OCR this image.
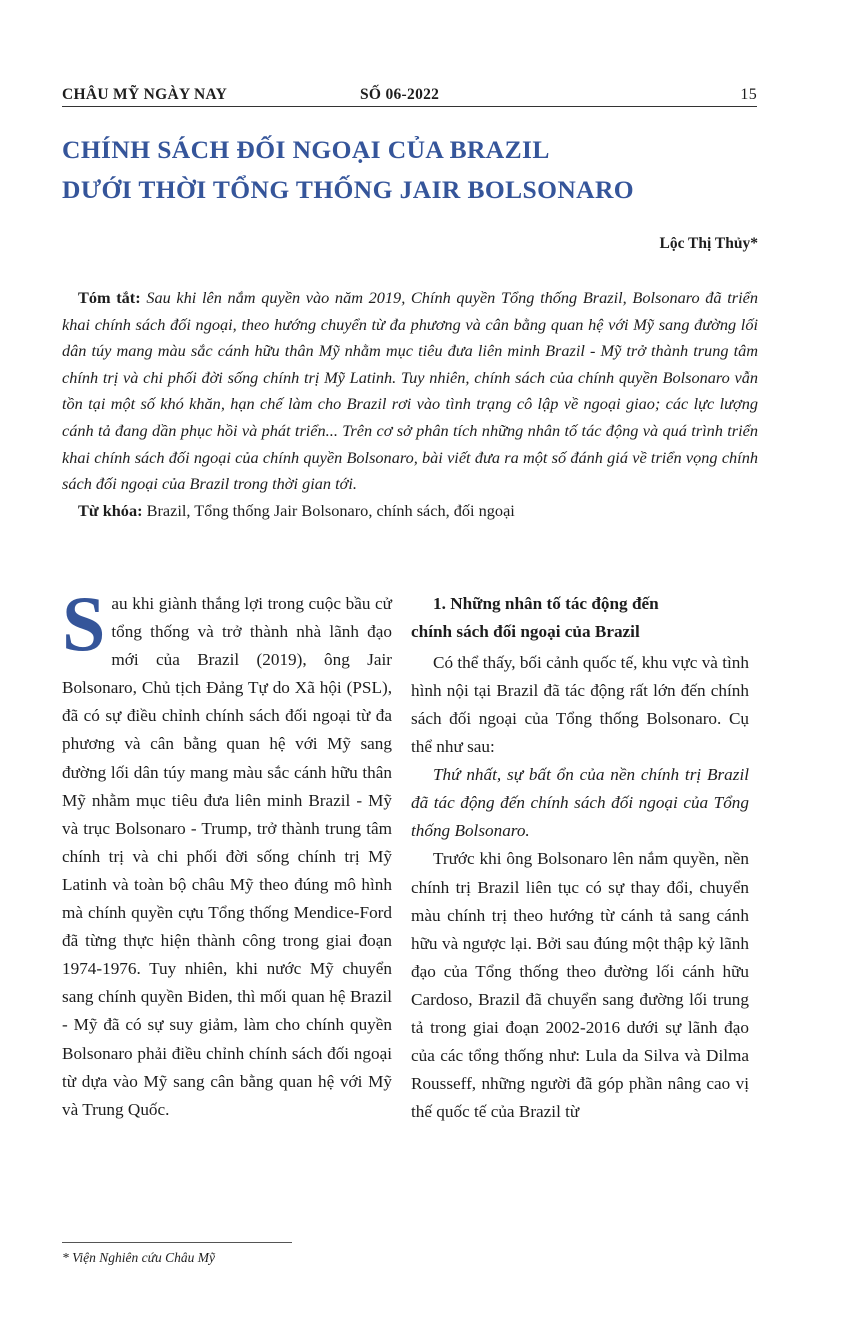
CHÂU MỸ NGÀY NAY	SỐ 06-2022	15
CHÍNH SÁCH ĐỐI NGOẠI CỦA BRAZIL
DƯỚI THỜI TỔNG THỐNG JAIR BOLSONARO
Lộc Thị Thủy*

Tóm tắt: Sau khi lên nắm quyền vào năm 2019, Chính quyền Tổng thống Brazil, Bolsonaro đã triển khai chính sách đối ngoại, theo hướng chuyển từ đa phương và cân bằng quan hệ với Mỹ sang đường lối dân túy mang màu sắc cánh hữu thân Mỹ nhằm mục tiêu đưa liên minh Brazil - Mỹ trở thành trung tâm chính trị và chi phối đời sống chính trị Mỹ Latinh. Tuy nhiên, chính sách của chính quyền Bolsonaro vẫn tồn tại một số khó khăn, hạn chế làm cho Brazil rơi vào tình trạng cô lập về ngoại giao; các lực lượng cánh tả đang dần phục hồi và phát triển... Trên cơ sở phân tích những nhân tố tác động và quá trình triển khai chính sách đối ngoại của chính quyền Bolsonaro, bài viết đưa ra một số đánh giá về triển vọng chính sách đối ngoại của Brazil trong thời gian tới.

Từ khóa: Brazil, Tổng thống Jair Bolsonaro, chính sách, đối ngoại

Sau khi giành thắng lợi trong cuộc bầu cử tổng thống và trở thành nhà lãnh đạo mới của Brazil (2019), ông Jair Bolsonaro, Chủ tịch Đảng Tự do Xã hội (PSL), đã có sự điều chỉnh chính sách đối ngoại từ đa phương và cân bằng quan hệ với Mỹ sang đường lối dân túy mang màu sắc cánh hữu thân Mỹ nhằm mục tiêu đưa liên minh Brazil - Mỹ và trục Bolsonaro - Trump, trở thành trung tâm chính trị và chi phối đời sống chính trị Mỹ Latinh và toàn bộ châu Mỹ theo đúng mô hình mà chính quyền cựu Tổng thống Mendice-Ford đã từng thực hiện thành công trong giai đoạn 1974-1976. Tuy nhiên, khi nước Mỹ chuyển sang chính quyền Biden, thì mối quan hệ Brazil - Mỹ đã có sự suy giảm, làm cho chính quyền Bolsonaro phải điều chỉnh chính sách đối ngoại từ dựa vào Mỹ sang cân bằng quan hệ với Mỹ và Trung Quốc.

1. Những nhân tố tác động đến
chính sách đối ngoại của Brazil

Có thể thấy, bối cảnh quốc tế, khu vực và tình hình nội tại Brazil đã tác động rất lớn đến chính sách đối ngoại của Tổng thống Bolsonaro. Cụ thể như sau:

Thứ nhất, sự bất ổn của nền chính trị Brazil đã tác động đến chính sách đối ngoại của Tổng thống Bolsonaro.

Trước khi ông Bolsonaro lên nắm quyền, nền chính trị Brazil liên tục có sự thay đổi, chuyển màu chính trị theo hướng từ cánh tả sang cánh hữu và ngược lại. Bởi sau đúng một thập kỷ lãnh đạo của Tổng thống theo đường lối cánh hữu Cardoso, Brazil đã chuyển sang đường lối trung tả trong giai đoạn 2002-2016 dưới sự lãnh đạo của các tổng thống như: Lula da Silva và Dilma Rousseff, những người đã góp phần nâng cao vị thế quốc tế của Brazil từ

* Viện Nghiên cứu Châu Mỹ
